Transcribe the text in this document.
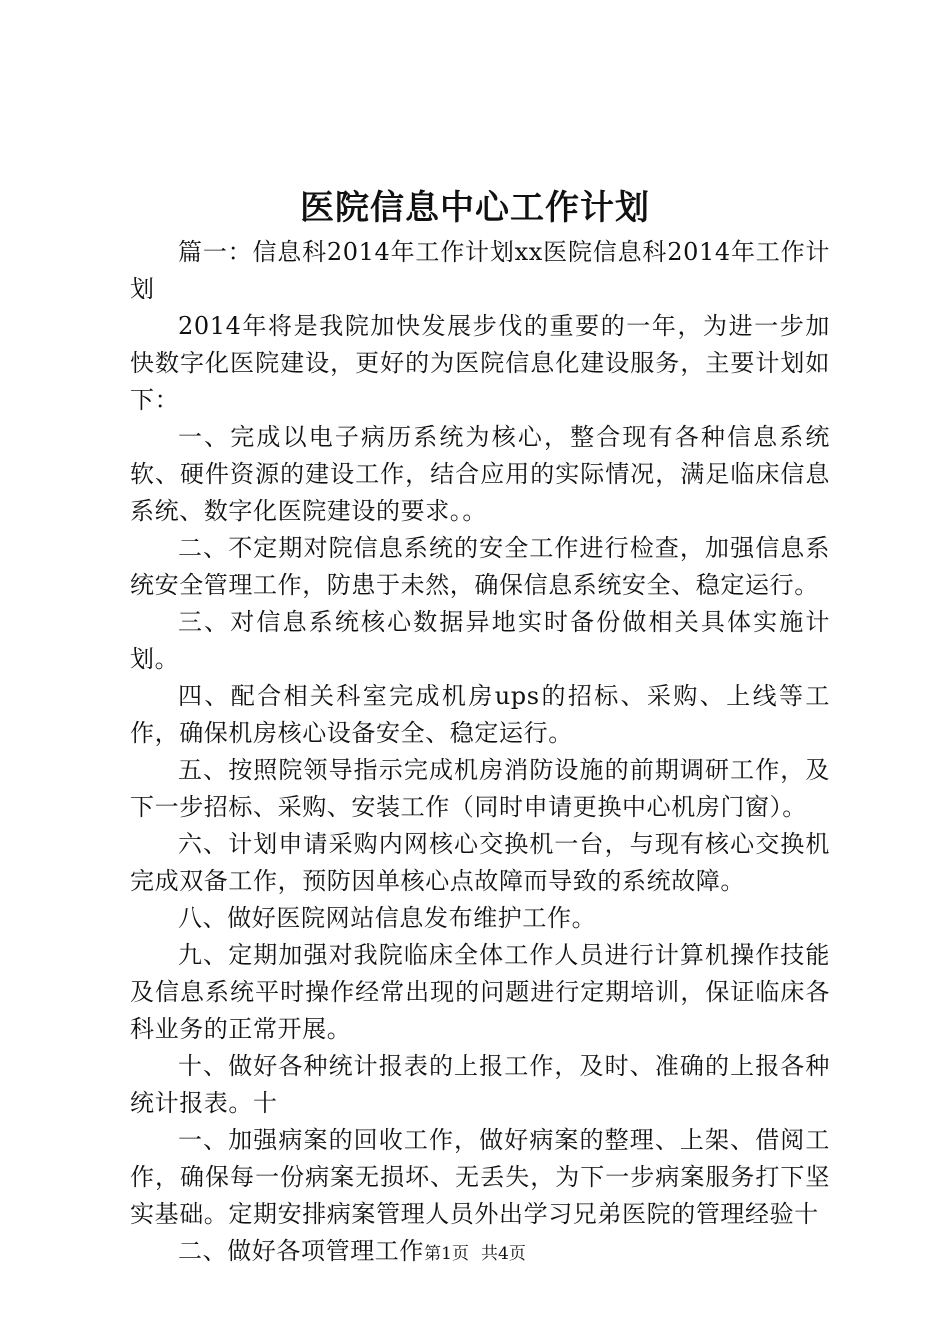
医院信息中心工作计划

篇一：信息科2014年工作计划xx医院信息科2014年工作计划

2014年将是我院加快发展步伐的重要的一年，为进一步加快数字化医院建设，更好的为医院信息化建设服务，主要计划如下：

一、完成以电子病历系统为核心，整合现有各种信息系统软、硬件资源的建设工作，结合应用的实际情况，满足临床信息系统、数字化医院建设的要求。。

二、不定期对院信息系统的安全工作进行检查，加强信息系统安全管理工作，防患于未然，确保信息系统安全、稳定运行。

三、对信息系统核心数据异地实时备份做相关具体实施计划。

四、配合相关科室完成机房ups的招标、采购、上线等工作，确保机房核心设备安全、稳定运行。

五、按照院领导指示完成机房消防设施的前期调研工作，及下一步招标、采购、安装工作（同时申请更换中心机房门窗）。

六、计划申请采购内网核心交换机一台，与现有核心交换机完成双备工作，预防因单核心点故障而导致的系统故障。

八、做好医院网站信息发布维护工作。

九、定期加强对我院临床全体工作人员进行计算机操作技能及信息系统平时操作经常出现的问题进行定期培训，保证临床各科业务的正常开展。

十、做好各种统计报表的上报工作，及时、准确的上报各种统计报表。十

一、加强病案的回收工作，做好病案的整理、上架、借阅工作，确保每一份病案无损坏、无丢失，为下一步病案服务打下坚实基础。定期安排病案管理人员外出学习兄弟医院的管理经验十

二、做好各项管理工作 第1页 共4页
